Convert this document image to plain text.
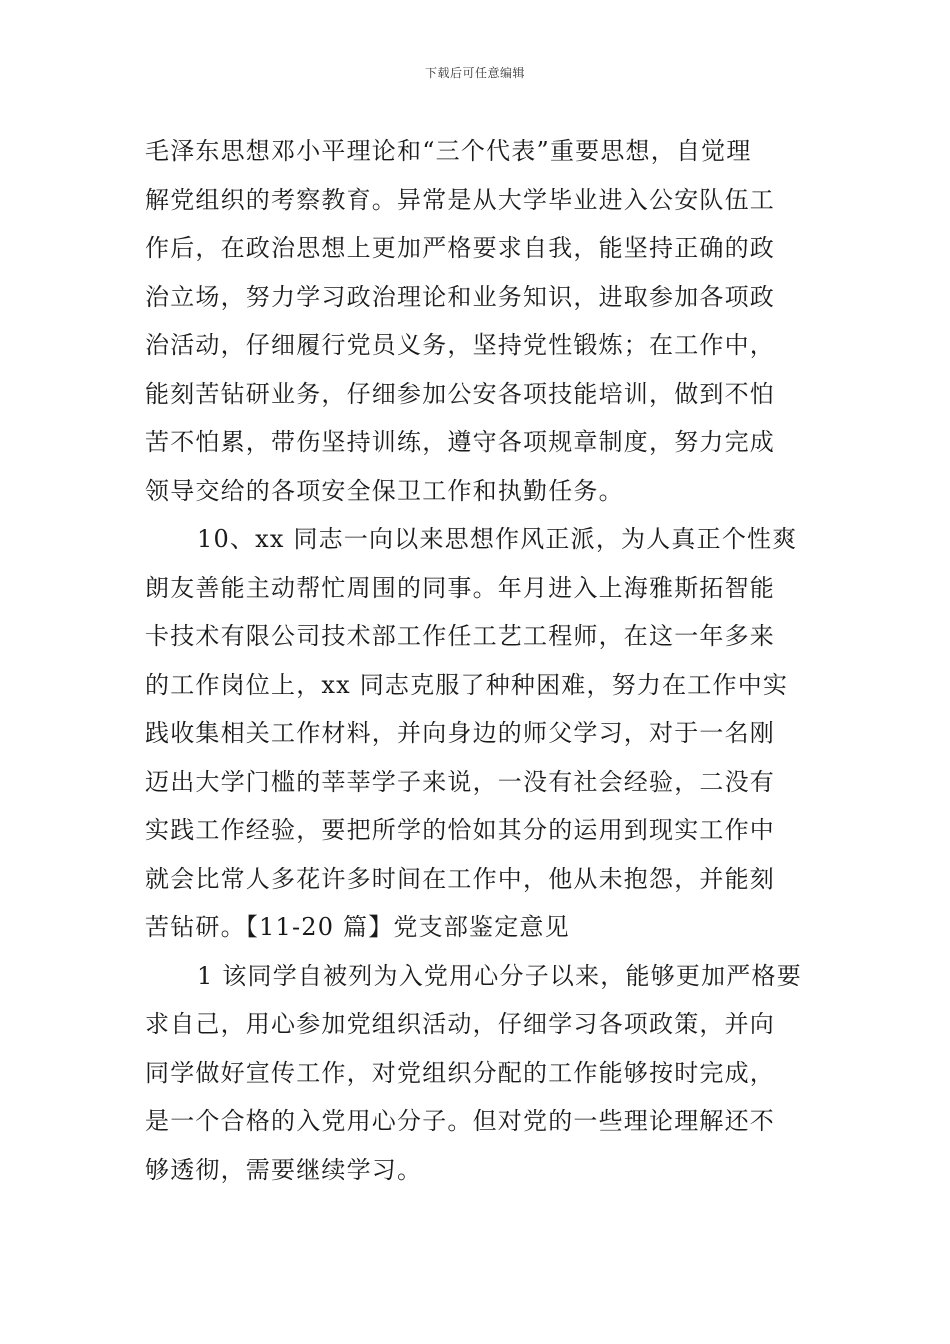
下载后可任意编辑
毛泽东思想邓小平理论和“三个代表”重要思想，自觉理
解党组织的考察教育。异常是从大学毕业进入公安队伍工
作后，在政治思想上更加严格要求自我，能坚持正确的政
治立场，努力学习政治理论和业务知识，进取参加各项政
治活动，仔细履行党员义务，坚持党性锻炼；在工作中，
能刻苦钻研业务，仔细参加公安各项技能培训，做到不怕
苦不怕累，带伤坚持训练，遵守各项规章制度，努力完成
领导交给的各项安全保卫工作和执勤任务。
10、xx 同志一向以来思想作风正派，为人真正个性爽
朗友善能主动帮忙周围的同事。年月进入上海雅斯拓智能
卡技术有限公司技术部工作任工艺工程师，在这一年多来
的工作岗位上，xx 同志克服了种种困难，努力在工作中实
践收集相关工作材料，并向身边的师父学习，对于一名刚
迈出大学门槛的莘莘学子来说，一没有社会经验，二没有
实践工作经验，要把所学的恰如其分的运用到现实工作中
就会比常人多花许多时间在工作中，他从未抱怨，并能刻
苦钻研。【11-20 篇】党支部鉴定意见
1 该同学自被列为入党用心分子以来，能够更加严格要
求自己，用心参加党组织活动，仔细学习各项政策，并向
同学做好宣传工作，对党组织分配的工作能够按时完成，
是一个合格的入党用心分子。但对党的一些理论理解还不
够透彻，需要继续学习。
